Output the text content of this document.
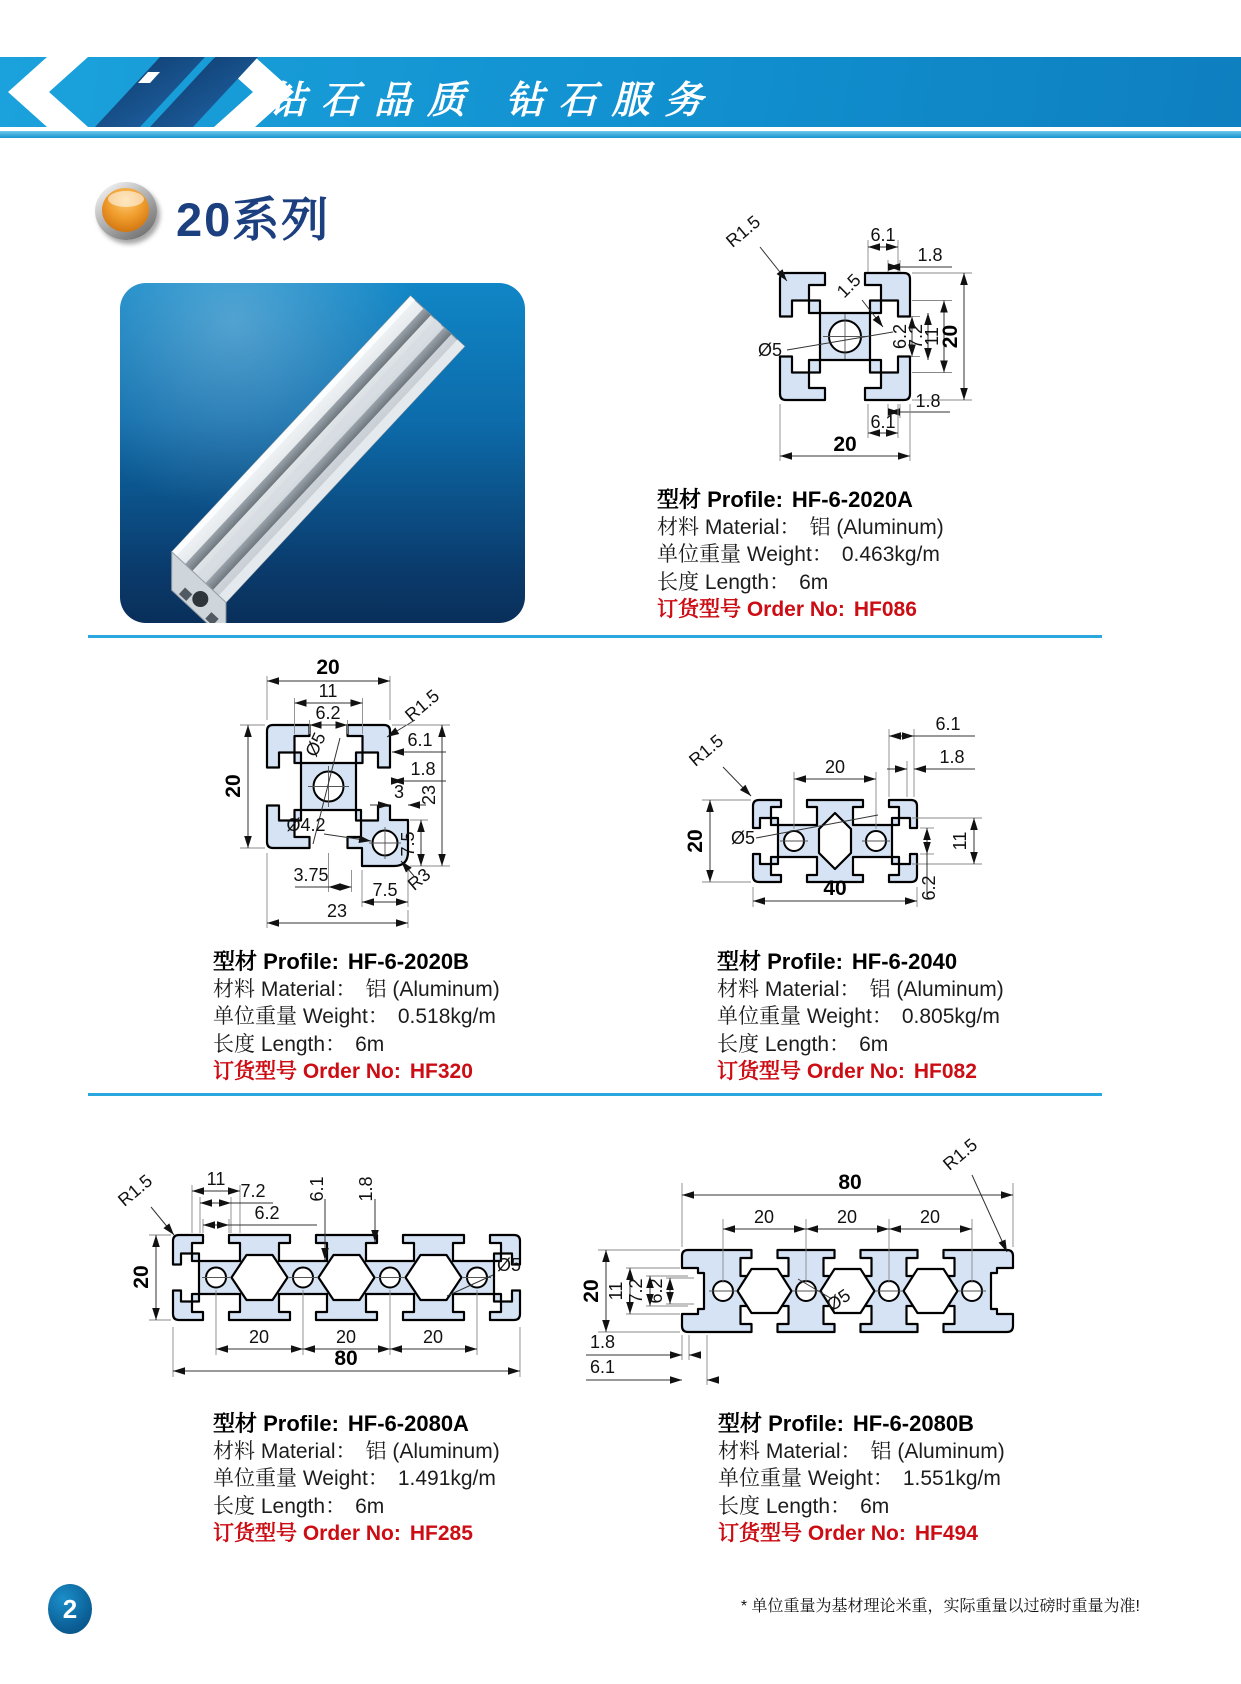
钻石品质 钻石服务
20系列	R1.5	6.1
1.8
1.5
Ø5
6.2
7.2
11
20
1.8
6.1
20
型材 Profile: HF-6-2020A
材料 Material： 铝 (Aluminum)
单位重量 Weight： 0.463kg/m
长度 Length： 6m
订货型号 Order No: HF086
20
11
6.2	R1.5
Ø5	6.1
1.8
3 23
7.5
Ø4.2
R3
3.75
7.5
23
20
R1.5
6.1
1.8
20
Ø5
20	11
6.2
40
型材 Profile: HF-6-2020B
材料 Material： 铝 (Aluminum)
单位重量 Weight： 0.518kg/m
长度 Length： 6m
订货型号 Order No: HF320
型材 Profile: HF-6-2040
材料 Material： 铝 (Aluminum)
单位重量 Weight： 0.805kg/m
长度 Length： 6m
订货型号 Order No: HF082
11
7.2
6.2
R1.5	6.1 1.8
20
Ø5
20	20	20
80
80
20	20	20
R1.5
20 11 7.2 6.2	Ø5
1.8
6.1
型材 Profile: HF-6-2080A
材料 Material： 铝 (Aluminum)
单位重量 Weight： 1.491kg/m
长度 Length： 6m
订货型号 Order No: HF285
型材 Profile: HF-6-2080B
材料 Material： 铝 (Aluminum)
单位重量 Weight： 1.551kg/m
长度 Length： 6m
订货型号 Order No: HF494
2	* 单位重量为基材理论米重，实际重量以过磅时重量为准!
